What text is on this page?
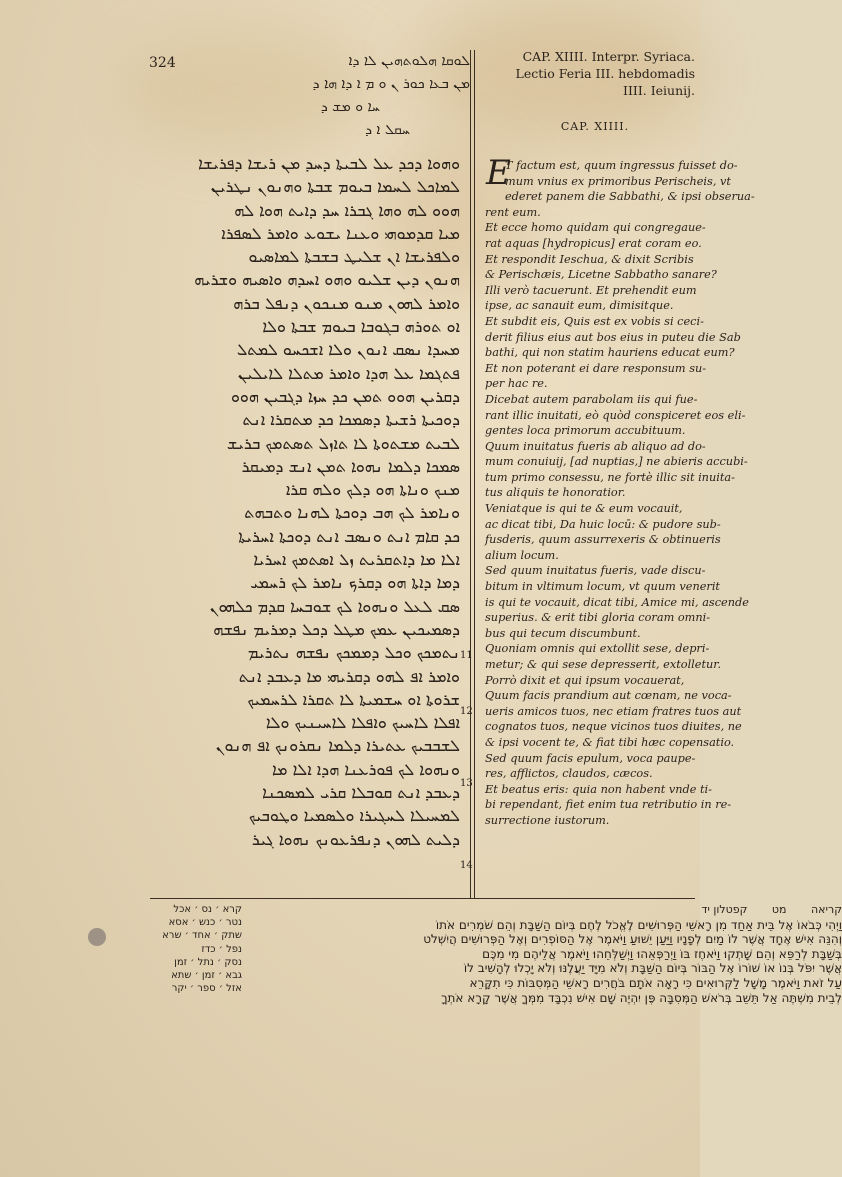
324	ܠܘܩܐ ܗܠܘܬܗܝܢ ܠܐ ܕܐ
ܡܢ ܒܥܐ ܟܘܪ ܢ ܘ ܡ ܐ ܕܐ ܗܐ ܕ
ܚܐ ܘ ܡܫ ܕ
ܚܩܠ ܐ ܕ
ܘܗܘܐ ܕܟܕ ܥܠ ܠܒܝܬܐ ܕܚܕ ܡܢ ܪܝܫܐ ܕܦܪܝܫܐ
ܠܡܐܟܠ ܠܚܡܐ ܒܝܘܡ ܫܒܬܐ ܘܗܢܘܢ ܢܛܪܝܢ
ܗܘܘ ܠܗ ܘܗܐ ܓܒܪܐ ܚܕ ܕܐܝܬ ܗܘܐ ܠܗ
ܡܝܐ ܩܕܡܘܗܝ ܘܥܢܐ ܝܫܘܥ ܘܐܡܪ ܠܣܦܪܐ
ܘܠܦܪܝܫܐ ܐܢ ܫܠܝܛ ܒܫܒܬܐ ܠܡܐܣܝܘ
ܗܢܘܢ ܕܝܢ ܫܠܝܘ ܘܗܘ ܐܚܕܗ ܘܐܣܝܗ ܘܫܪܝܗ
ܘܐܡܪ ܠܗܘܢ ܡܢܘ ܡܢܟܘܢ ܕܢܦܠ ܒܪܗ
ܐܘ ܬܘܪܗ ܒܓܘܒܐ ܒܝܘܡ ܫܒܬܐ ܘܠܐ
ܡܚܕܐ ܢܣܩ ܐܢܘܢ ܘܠܐ ܐܫܟܚܘ ܠܡܬܠ
ܦܬܓܡܐ ܥܠ ܗܕܐ ܘܐܡܪ ܡܬܠܐ ܠܐܝܠܝܢ
ܕܩܪܝܢ ܗܘܘ ܬܡܢ ܟܕ ܚܙܐ ܕܓܒܝܢ ܗܘܘ
ܕܘܟܝܬܐ ܪܫܝܬܐ ܕܣܡܟܐ ܟܕ ܡܬܩܪܐ ܐܢܬ
ܠܒܝܬ ܡܫܬܘܬܐ ܠܐ ܬܐܙܠ ܬܣܬܡܟ ܒܪܝܫ
ܣܡܟܐ ܕܠܡܐ ܢܗܘܐ ܬܡܢ ܐܢܫ ܕܡܝܩܪ
ܡܢܟ ܘܢܐܬܐ ܗܘ ܕܠܟ ܘܠܗ ܩܪܐ
ܘܢܐܡܪ ܠܟ ܗܒ ܕܘܟܬܐ ܠܗܢܐ ܘܬܒܗܬ
ܟܕ ܩܐܡ ܐܢܬ ܘܢܣܒ ܐܢܬ ܕܘܟܬܐ ܐܚܪܝܬܐ
ܐܠܐ ܡܐ ܕܐܬܩܪܝܬ ܙܠ ܐܣܬܡܟ ܐܚܪܝܐ
ܕܡܐ ܕܐܬܐ ܗܘ ܕܩܪܟ ܢܐܡܪ ܠܟ ܪܚܡܝ
ܣܩ ܠܥܠ ܘܢܗܘܐ ܠܟ ܫܘܒܚܐ ܩܕܡ ܟܠܗܘܢ
ܕܣܡܝܟܝܢ ܥܡܟ ܡܛܠ ܕܟܠ ܕܡܪܝܡ ܢܦܫܗ
ܢܬܡܟܟ ܘܟܠ ܕܡܡܟܟ ܢܦܫܗ ܢܬܪܝܡ
ܘܐܡܪ ܐܦ ܠܗܘ ܕܩܪܝܗܝ ܡܐ ܕܥܒܕ ܐܢܬ
ܫܪܘܬܐ ܐܘ ܚܫܡܝܬܐ ܠܐ ܬܩܪܐ ܠܪܚܡܝܟ
ܐܦܠܐ ܠܐܚܝܟ ܘܐܦܠܐ ܠܐܚܝܢܝܟ ܘܠܐ
ܠܫܒܒܝܟ ܥܬܝܪܐ ܕܠܡܐ ܢܩܪܘܢܟ ܐܦ ܗܢܘܢ
ܘܢܗܘܐ ܠܟ ܦܘܪܥܢܐ ܗܕܐ ܐܠܐ ܡܐ
ܕܥܒܕ ܐܢܬ ܩܘܒܠܐ ܩܪܝ ܠܡܣܟܢܐ
ܠܡܚܝܠܐ ܠܚܓܝܪܐ ܘܠܣܡܝܐ ܘܛܘܒܝܟ
ܕܠܝܬ ܠܗܘܢ ܕܢܦܪܥܘܢܟ ܢܗܘܐ ܓܝܪ
11
12
13
14
CAP. XIIII. Interpr. Syriaca.
Lectio Feria III. hebdomadis
IIII. Ieiunij.
CAP. XIIII.
E
T factum est, quum ingressus fuisset do-
mum vnius ex primoribus Perischeis, vt
ederet panem die Sabbathi, & ipsi obserua-
rent eum.
Et ecce homo quidam qui congregaue-
rat aquas [hydropicus] erat coram eo.
Et respondit Ieschua, & dixit Scribis
& Perischæis, Licetne Sabbatho sanare?
Illi verò tacuerunt. Et prehendit eum
ipse, ac sanauit eum, dimisitque.
Et subdit eis, Quis est ex vobis si ceci-
derit filius eius aut bos eius in puteu die Sab
bathi, qui non statim hauriens educat eum?
Et non poterant ei dare responsum su-
per hac re.
Dicebat autem parabolam iis qui fue-
rant illic inuitati, eò quòd conspiceret eos eli-
gentes loca primorum accubituum.
Quum inuitatus fueris ab aliquo ad do-
mum conuiuij, [ad nuptias,] ne abieris accubi-
tum primo consessu, ne fortè illic sit inuita-
tus aliquis te honoratior.
Veniatque is qui te & eum vocauit,
ac dicat tibi, Da huic locū: & pudore sub-
fusderis, quum assurrexeris & obtinueris
alium locum.
Sed quum inuitatus fueris, vade discu-
bitum in vltimum locum, vt quum venerit
is qui te vocauit, dicat tibi, Amice mi, ascende
superius. & erit tibi gloria coram omni-
bus qui tecum discumbunt.
Quoniam omnis qui extollit sese, depri-
metur; & qui sese depresserit, extolletur.
Porrò dixit et qui ipsum vocauerat,
Quum facis prandium aut cœnam, ne voca-
ueris amicos tuos, nec etiam fratres tuos aut
cognatos tuos, neque vicinos tuos diuites, ne
& ipsi vocent te, & fiat tibi hæc copensatio.
Sed quum facis epulum, voca paupe-
res, afflictos, claudos, cæcos.
Et beatus eris: quia non habent vnde ti-
bi rependant, fiet enim tua retributio in re-
surrectione iustorum.
קרא ׳ נס ׳ אכל
נטר ׳ כנש ׳ אסא
שתק ׳ אחד ׳ שרא
נפל ׳ כדז
נסק ׳ נתל ׳ זמן
גבא ׳ זמן ׳ שתא
אזל ׳ ספר ׳ יקר
קריאה       מט       קפטלון יד
וַיְהִי כְּבֹאוֹ אֶל בֵּית אַחַד מִן רָאשֵׁי הַפְּרוּשִׁים לֶאֱכֹל לֶחֶם בְּיוֹם הַשַּׁבָּת וְהֵם שֹׁמְרִים אֹתוֹ
וְהִנֵּה אִישׁ אֶחָד אֲשֶׁר לוֹ מַיִם לְפָנָיו וַיַּעַן יֵשׁוּעַ וַיֹּאמֶר אֶל הַסּוֹפְרִים וְאֶל הַפְּרוּשִׁים הֲיִשְׁלֹט
בְּשַׁבָּת לְרַפֵּא וְהֵם שָׁתְקוּ וַיֹּאחֶז בּוֹ וַיְרַפְּאֵהוּ וַיְשַׁלְּחֵהוּ וַיֹּאמֶר אֲלֵיהֶם מִי מִכֶּם
אֲשֶׁר יִפֹּל בְּנוֹ אוֹ שׁוֹרוֹ אֶל הַבּוֹר בְּיוֹם הַשַּׁבָּת וְלֹא מִיָּד יַעֲלֶנּוּ וְלֹא יָכְלוּ לְהָשִׁיב לוֹ
עַל זֹאת וַיֹּאמֶר מָשָׁל לַקְּרוּאִים כִּי רָאָה אֹתָם בֹּחֲרִים רָאשֵׁי הַמְּסִבּוֹת כִּי תִקָּרֵא
לְבֵית מִשְׁתֶּה אַל תֵּשֵׁב בְּרֹאשׁ הַמְּסִבָּה פֶּן יִהְיֶה שָׁם אִישׁ נִכְבָּד מִמְּךָ אֲשֶׁר קָרָא אֹתְךָ
